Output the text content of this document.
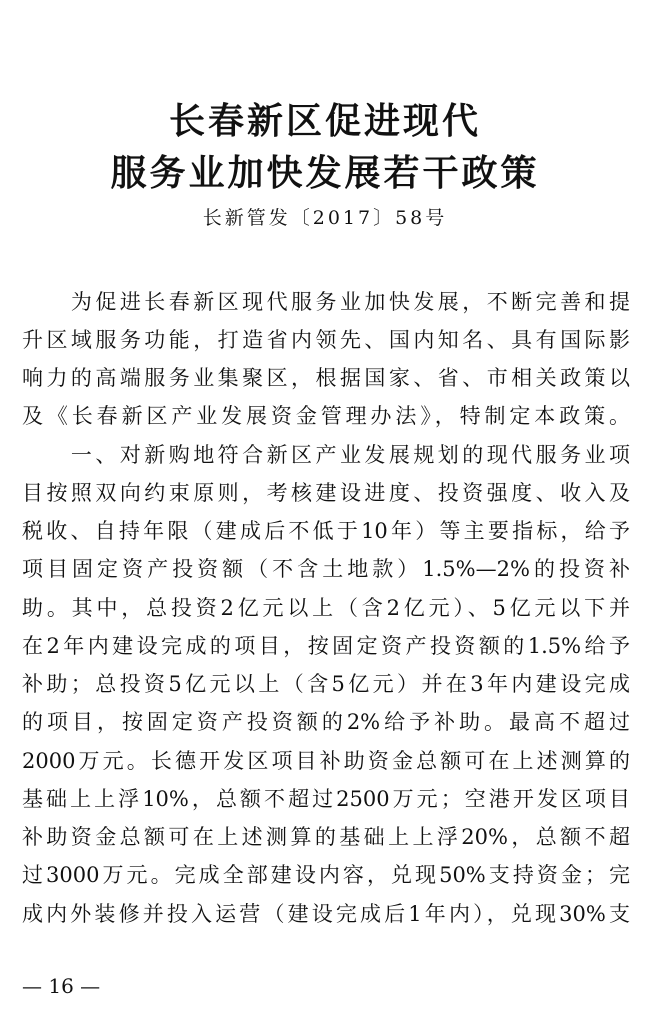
长春新区促进现代
服务业加快发展若干政策
长新管发〔2017〕58号
　　为促进长春新区现代服务业加快发展，不断完善和提
升区域服务功能，打造省内领先、国内知名、具有国际影
响力的高端服务业集聚区，根据国家、省、市相关政策以
及《长春新区产业发展资金管理办法》，特制定本政策。
　　一、对新购地符合新区产业发展规划的现代服务业项
目按照双向约束原则，考核建设进度、投资强度、收入及
税收、自持年限（建成后不低于10年）等主要指标，给予
项目固定资产投资额（不含土地款）1.5%—2%的投资补
助。其中，总投资2亿元以上（含2亿元）、5亿元以下并
在2年内建设完成的项目，按固定资产投资额的1.5%给予
补助；总投资5亿元以上（含5亿元）并在3年内建设完成
的项目，按固定资产投资额的2%给予补助。最高不超过
2000万元。长德开发区项目补助资金总额可在上述测算的
基础上上浮10%，总额不超过2500万元；空港开发区项目
补助资金总额可在上述测算的基础上上浮20%，总额不超
过3000万元。完成全部建设内容，兑现50%支持资金；完
成内外装修并投入运营（建设完成后1年内），兑现30%支
— 16 —
